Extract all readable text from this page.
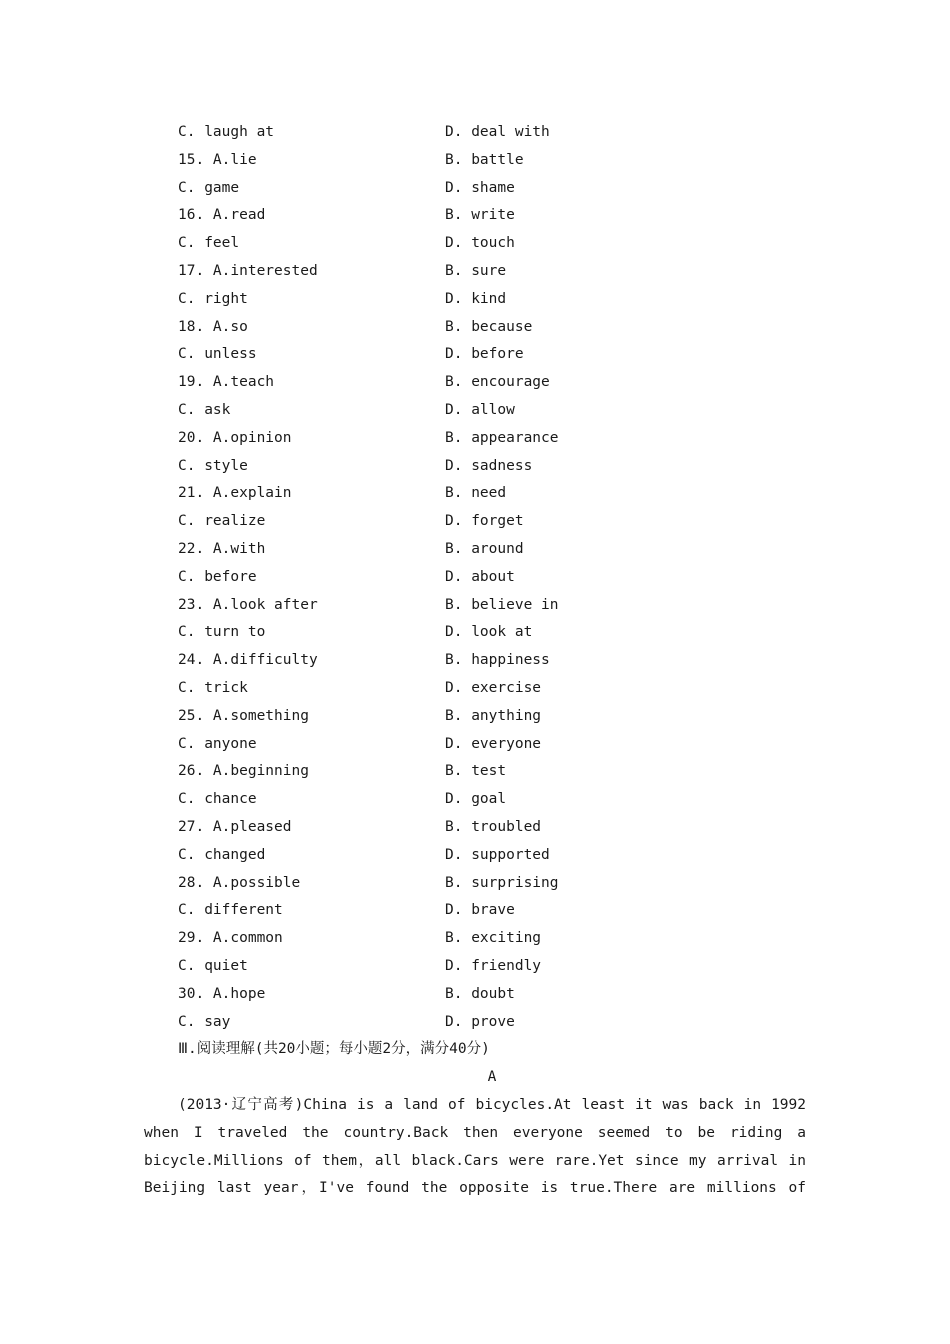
C. laugh at	D. deal with
15. A.lie	B. battle
C. game	D. shame
16. A.read	B. write
C. feel	D. touch
17. A.interested	B. sure
C. right	D. kind
18. A.so	B. because
C. unless	D. before
19. A.teach	B. encourage
C. ask	D. allow
20. A.opinion	B. appearance
C. style	D. sadness
21. A.explain	B. need
C. realize	D. forget
22. A.with	B. around
C. before	D. about
23. A.look after	B. believe in
C. turn to	D. look at
24. A.difficulty	B. happiness
C. trick	D. exercise
25. A.something	B. anything
C. anyone	D. everyone
26. A.beginning	B. test
C. chance	D. goal
27. A.pleased	B. troubled
C. changed	D. supported
28. A.possible	B. surprising
C. different	D. brave
29. A.common	B. exciting
C. quiet	D. friendly
30. A.hope	B. doubt
C. say	D. prove
Ⅲ.阅读理解(共20小题；每小题2分，满分40分)
A
(2013·辽宁高考)China is a land of bicycles.At least it was back in 1992
when I traveled the country.Back then everyone seemed to be riding a
bicycle.Millions of them，all black.Cars were rare.Yet since my arrival in
Beijing last year，I've found the opposite is true.There are millions of
